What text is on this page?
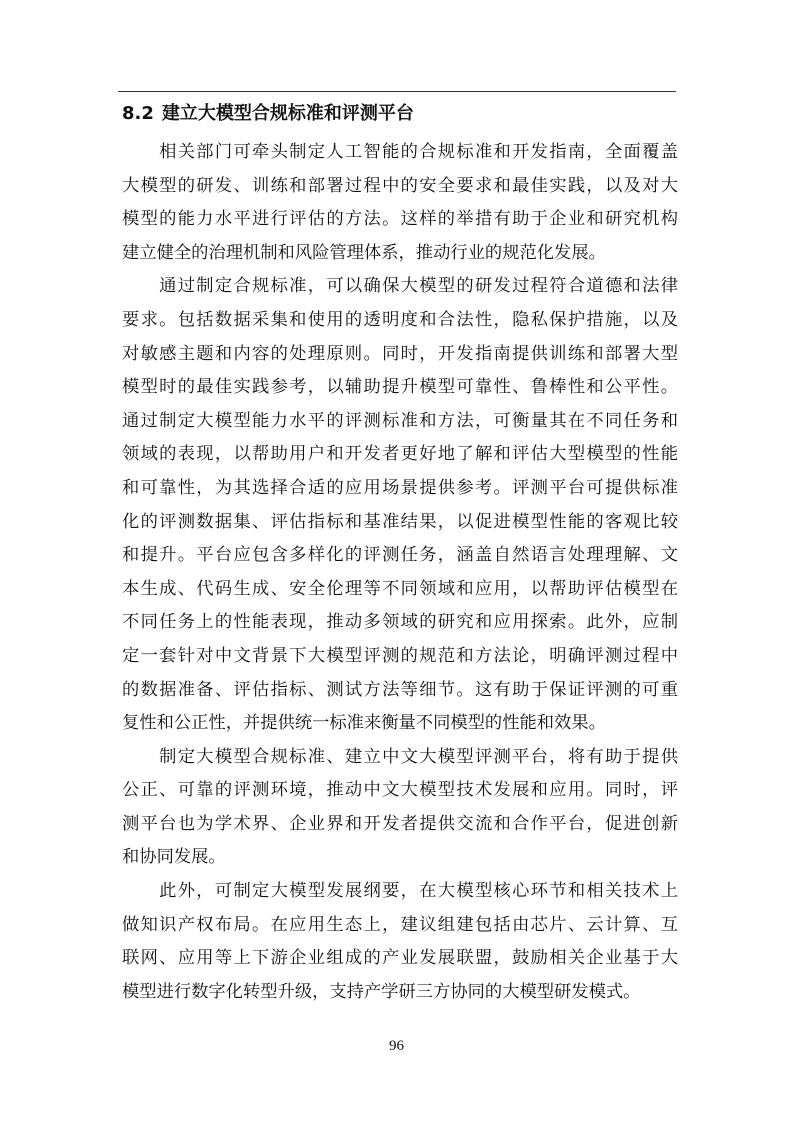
8.2 建立大模型合规标准和评测平台
　　相关部门可牵头制定人工智能的合规标准和开发指南，全面覆盖
大模型的研发、训练和部署过程中的安全要求和最佳实践，以及对大
模型的能力水平进行评估的方法。这样的举措有助于企业和研究机构
建立健全的治理机制和风险管理体系，推动行业的规范化发展。
　　通过制定合规标准，可以确保大模型的研发过程符合道德和法律
要求。包括数据采集和使用的透明度和合法性，隐私保护措施，以及
对敏感主题和内容的处理原则。同时，开发指南提供训练和部署大型
模型时的最佳实践参考，以辅助提升模型可靠性、鲁棒性和公平性。
通过制定大模型能力水平的评测标准和方法，可衡量其在不同任务和
领域的表现，以帮助用户和开发者更好地了解和评估大型模型的性能
和可靠性，为其选择合适的应用场景提供参考。评测平台可提供标准
化的评测数据集、评估指标和基准结果，以促进模型性能的客观比较
和提升。平台应包含多样化的评测任务，涵盖自然语言处理理解、文
本生成、代码生成、安全伦理等不同领域和应用，以帮助评估模型在
不同任务上的性能表现，推动多领域的研究和应用探索。此外，应制
定一套针对中文背景下大模型评测的规范和方法论，明确评测过程中
的数据准备、评估指标、测试方法等细节。这有助于保证评测的可重
复性和公正性，并提供统一标准来衡量不同模型的性能和效果。
　　制定大模型合规标准、建立中文大模型评测平台，将有助于提供
公正、可靠的评测环境，推动中文大模型技术发展和应用。同时，评
测平台也为学术界、企业界和开发者提供交流和合作平台，促进创新
和协同发展。
　　此外，可制定大模型发展纲要，在大模型核心环节和相关技术上
做知识产权布局。在应用生态上，建议组建包括由芯片、云计算、互
联网、应用等上下游企业组成的产业发展联盟，鼓励相关企业基于大
模型进行数字化转型升级，支持产学研三方协同的大模型研发模式。
96
